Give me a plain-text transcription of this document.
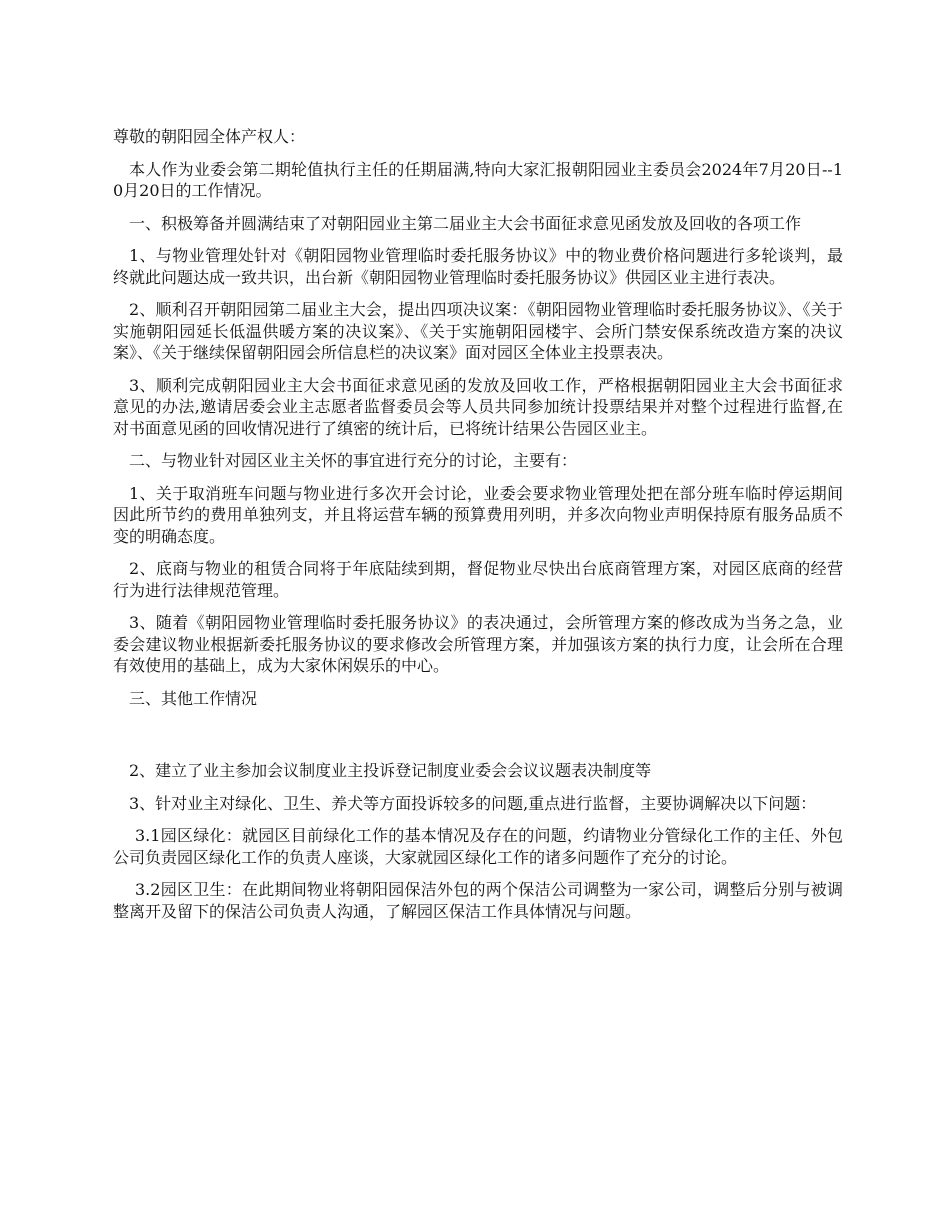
尊敬的朝阳园全体产权人：

本人作为业委会第二期轮值执行主任的任期届满,特向大家汇报朝阳园业主委员会2024年7月20日--10月20日的工作情况。

一、积极筹备并圆满结束了对朝阳园业主第二届业主大会书面征求意见函发放及回收的各项工作

1、与物业管理处针对《朝阳园物业管理临时委托服务协议》中的物业费价格问题进行多轮谈判，最终就此问题达成一致共识，出台新《朝阳园物业管理临时委托服务协议》供园区业主进行表决。

2、顺利召开朝阳园第二届业主大会，提出四项决议案：《朝阳园物业管理临时委托服务协议》、《关于实施朝阳园延长低温供暖方案的决议案》、《关于实施朝阳园楼宇、会所门禁安保系统改造方案的决议案》、《关于继续保留朝阳园会所信息栏的决议案》面对园区全体业主投票表决。

3、顺利完成朝阳园业主大会书面征求意见函的发放及回收工作，严格根据朝阳园业主大会书面征求意见的办法,邀请居委会业主志愿者监督委员会等人员共同参加统计投票结果并对整个过程进行监督,在对书面意见函的回收情况进行了缜密的统计后，已将统计结果公告园区业主。

二、与物业针对园区业主关怀的事宜进行充分的讨论，主要有：

1、关于取消班车问题与物业进行多次开会讨论，业委会要求物业管理处把在部分班车临时停运期间因此所节约的费用单独列支，并且将运营车辆的预算费用列明，并多次向物业声明保持原有服务品质不变的明确态度。

2、底商与物业的租赁合同将于年底陆续到期，督促物业尽快出台底商管理方案，对园区底商的经营行为进行法律规范管理。

3、随着《朝阳园物业管理临时委托服务协议》的表决通过，会所管理方案的修改成为当务之急，业委会建议物业根据新委托服务协议的要求修改会所管理方案，并加强该方案的执行力度，让会所在合理有效使用的基础上，成为大家休闲娱乐的中心。

三、其他工作情况

2、建立了业主参加会议制度业主投诉登记制度业委会会议议题表决制度等

3、针对业主对绿化、卫生、养犬等方面投诉较多的问题,重点进行监督，主要协调解决以下问题：

3.1园区绿化：就园区目前绿化工作的基本情况及存在的问题，约请物业分管绿化工作的主任、外包公司负责园区绿化工作的负责人座谈，大家就园区绿化工作的诸多问题作了充分的讨论。

3.2园区卫生：在此期间物业将朝阳园保洁外包的两个保洁公司调整为一家公司，调整后分别与被调整离开及留下的保洁公司负责人沟通，了解园区保洁工作具体情况与问题。
